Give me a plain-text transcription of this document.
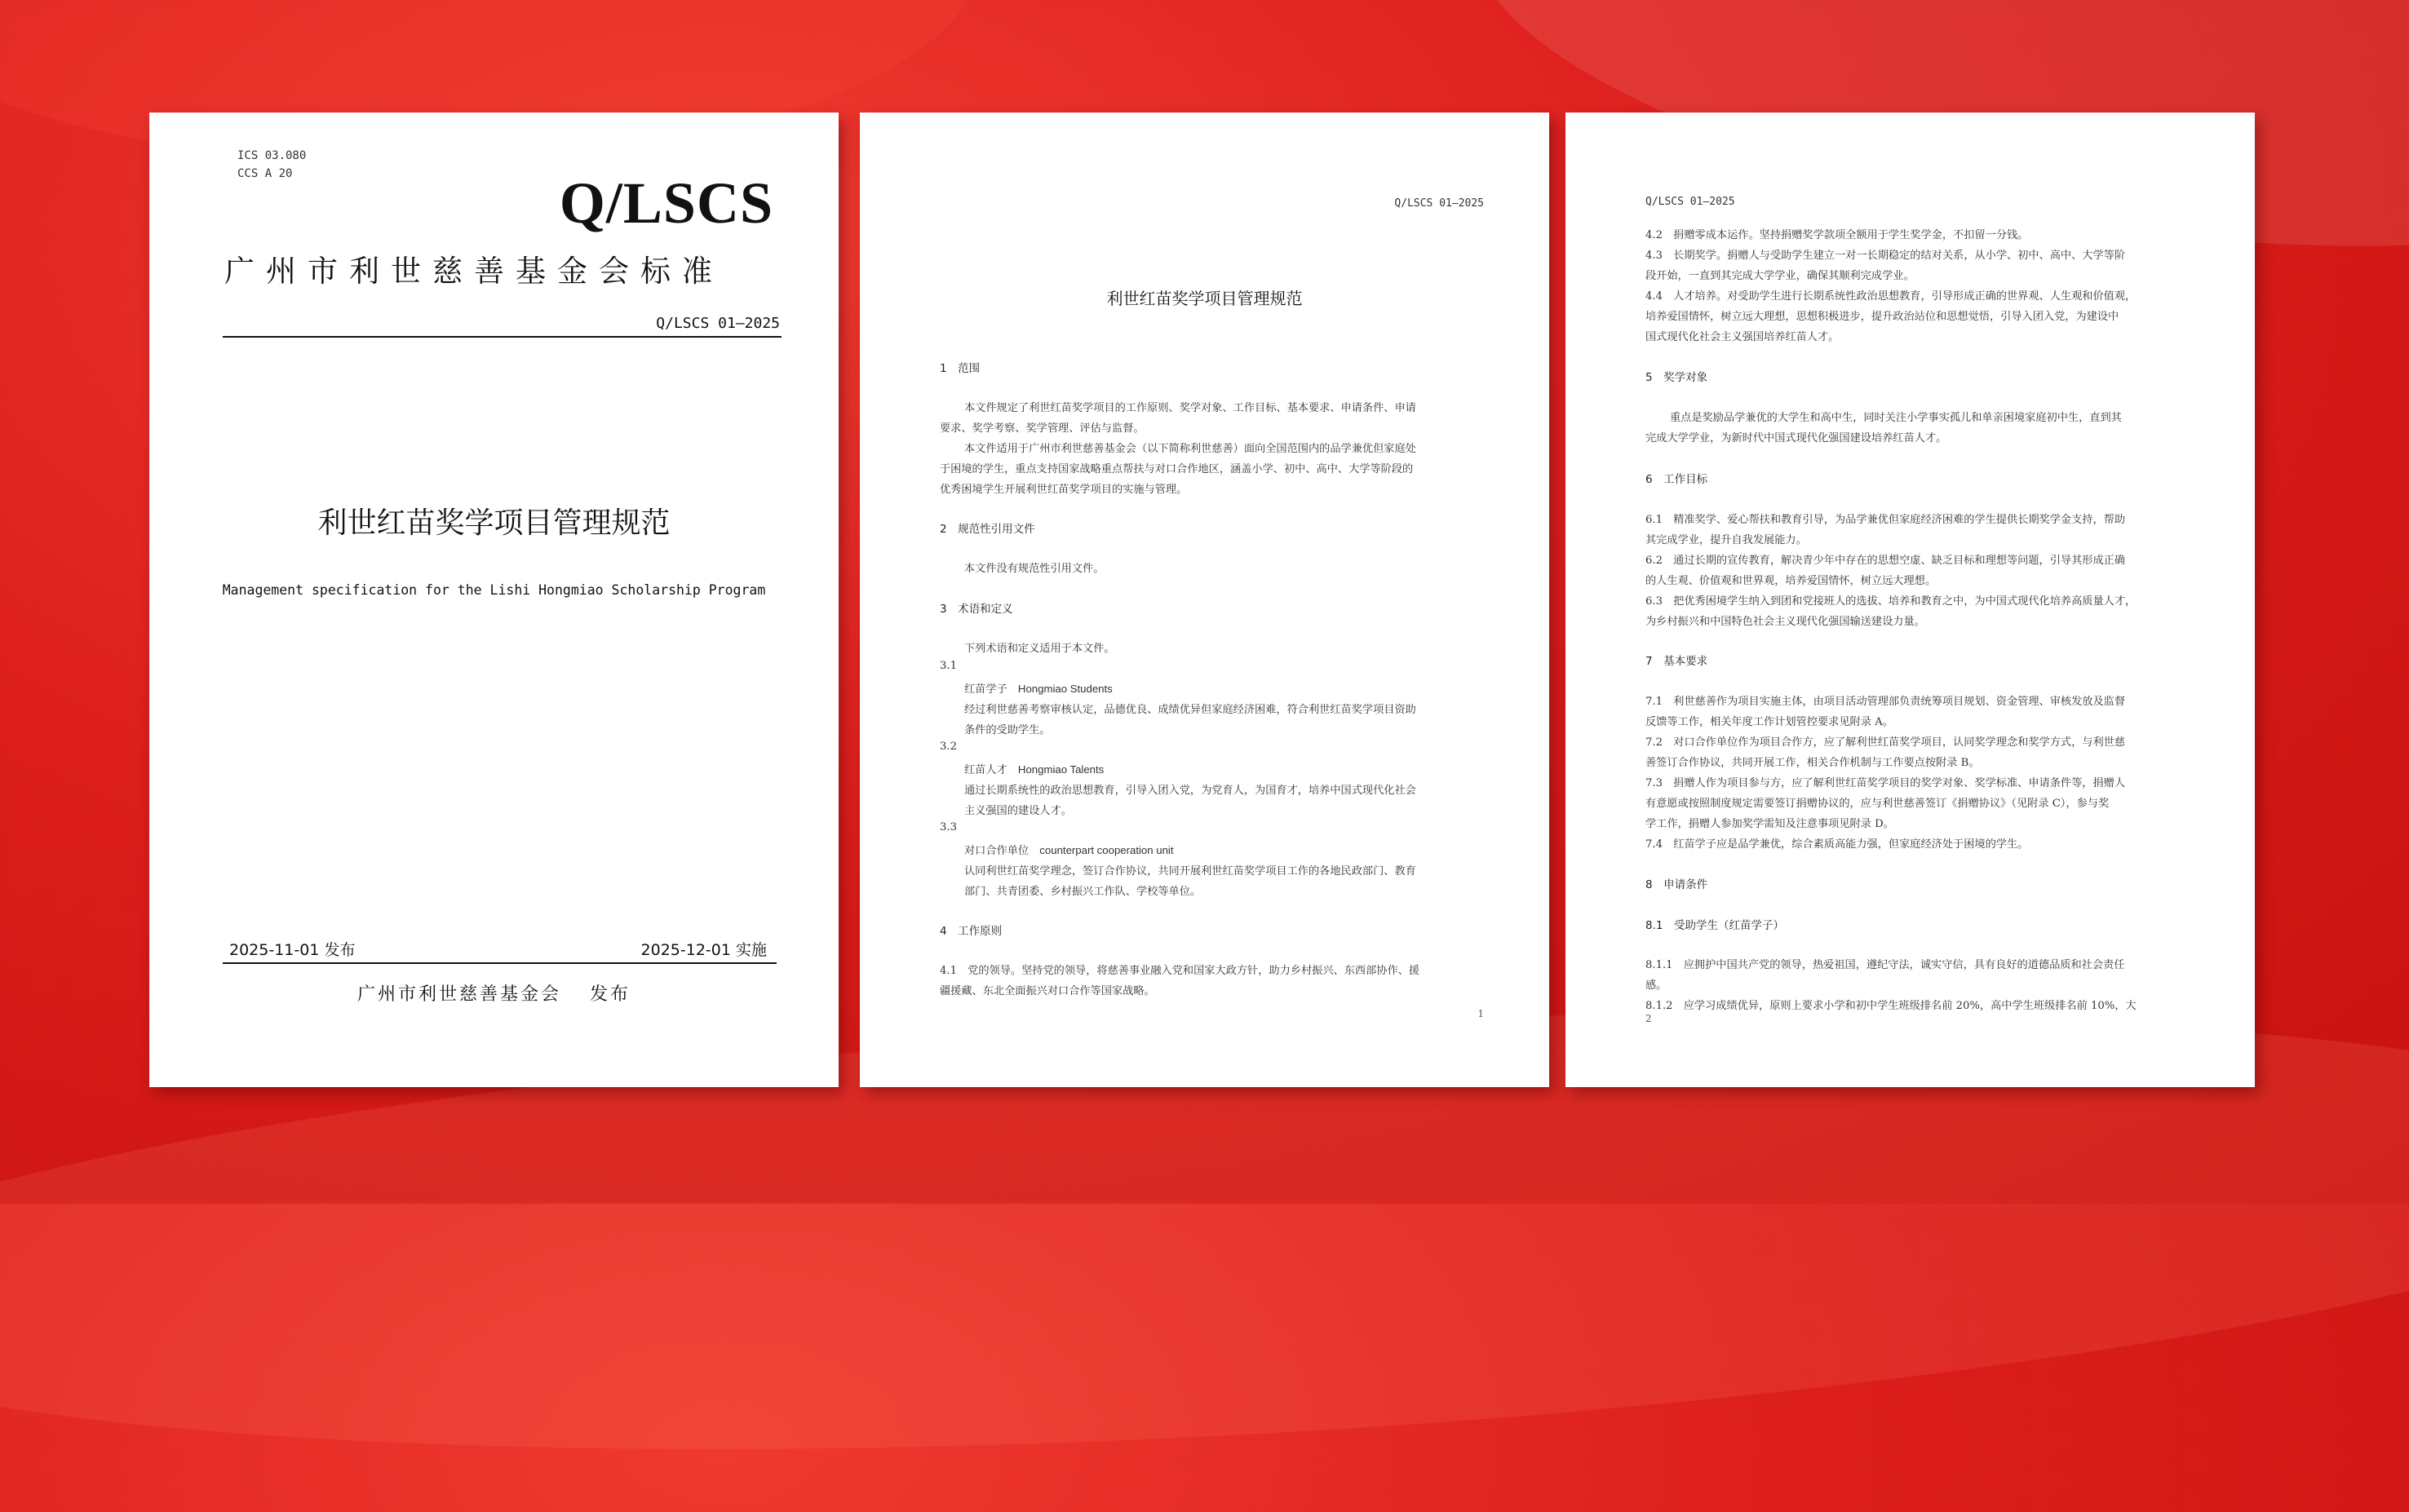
ICS 03.080
CCS A 20	Q/LSCS
广州市利世慈善基金会标准
Q/LSCS 01—2025
利世红苗奖学项目管理规范
Management specification for the Lishi Hongmiao Scholarship Program
2025-11-01 发布	2025-12-01 实施
广州市利世慈善基金会　 发布
Q/LSCS 01—2025
利世红苗奖学项目管理规范
1　范围
本文件规定了利世红苗奖学项目的工作原则、奖学对象、工作目标、基本要求、申请条件、申请
要求、奖学考察、奖学管理、评估与监督。
本文件适用于广州市利世慈善基金会（以下简称利世慈善）面向全国范围内的品学兼优但家庭处
于困境的学生，重点支持国家战略重点帮扶与对口合作地区，涵盖小学、初中、高中、大学等阶段的
优秀困境学生开展利世红苗奖学项目的实施与管理。
2　规范性引用文件
本文件没有规范性引用文件。
3　术语和定义
下列术语和定义适用于本文件。
3.1
红苗学子　Hongmiao Students
经过利世慈善考察审核认定，品德优良、成绩优异但家庭经济困难，符合利世红苗奖学项目资助
条件的受助学生。
3.2
红苗人才　Hongmiao Talents
通过长期系统性的政治思想教育，引导入团入党，为党育人，为国育才，培养中国式现代化社会
主义强国的建设人才。
3.3
对口合作单位　counterpart cooperation unit
认同利世红苗奖学理念，签订合作协议，共同开展利世红苗奖学项目工作的各地民政部门、教育
部门、共青团委、乡村振兴工作队、学校等单位。
4　工作原则
4.1　党的领导。坚持党的领导，将慈善事业融入党和国家大政方针，助力乡村振兴、东西部协作、援
疆援藏、东北全面振兴对口合作等国家战略。
1
Q/LSCS 01—2025
4.2　捐赠零成本运作。坚持捐赠奖学款项全额用于学生奖学金，不扣留一分钱。
4.3　长期奖学。捐赠人与受助学生建立一对一长期稳定的结对关系，从小学、初中、高中、大学等阶
段开始，一直到其完成大学学业，确保其顺利完成学业。
4.4　人才培养。对受助学生进行长期系统性政治思想教育，引导形成正确的世界观、人生观和价值观，
培养爱国情怀，树立远大理想，思想积极进步，提升政治站位和思想觉悟，引导入团入党，为建设中
国式现代化社会主义强国培养红苗人才。
5　奖学对象
重点是奖励品学兼优的大学生和高中生，同时关注小学事实孤儿和单亲困境家庭初中生，直到其
完成大学学业，为新时代中国式现代化强国建设培养红苗人才。
6　工作目标
6.1　精准奖学、爱心帮扶和教育引导，为品学兼优但家庭经济困难的学生提供长期奖学金支持，帮助
其完成学业，提升自我发展能力。
6.2　通过长期的宣传教育，解决青少年中存在的思想空虚、缺乏目标和理想等问题，引导其形成正确
的人生观、价值观和世界观，培养爱国情怀，树立远大理想。
6.3　把优秀困境学生纳入到团和党接班人的选拔、培养和教育之中，为中国式现代化培养高质量人才，
为乡村振兴和中国特色社会主义现代化强国输送建设力量。
7　基本要求
7.1　利世慈善作为项目实施主体，由项目活动管理部负责统筹项目规划、资金管理、审核发放及监督
反馈等工作，相关年度工作计划管控要求见附录 A。
7.2　对口合作单位作为项目合作方，应了解利世红苗奖学项目，认同奖学理念和奖学方式，与利世慈
善签订合作协议，共同开展工作，相关合作机制与工作要点按附录 B。
7.3　捐赠人作为项目参与方，应了解利世红苗奖学项目的奖学对象、奖学标准、申请条件等，捐赠人
有意愿或按照制度规定需要签订捐赠协议的，应与利世慈善签订《捐赠协议》（见附录 C），参与奖
学工作，捐赠人参加奖学需知及注意事项见附录 D。
7.4　红苗学子应是品学兼优，综合素质高能力强，但家庭经济处于困境的学生。
8　申请条件
8.1　受助学生（红苗学子）
8.1.1　应拥护中国共产党的领导，热爱祖国，遵纪守法，诚实守信，具有良好的道德品质和社会责任
感。
8.1.2　应学习成绩优异，原则上要求小学和初中学生班级排名前 20%，高中学生班级排名前 10%，大
2
